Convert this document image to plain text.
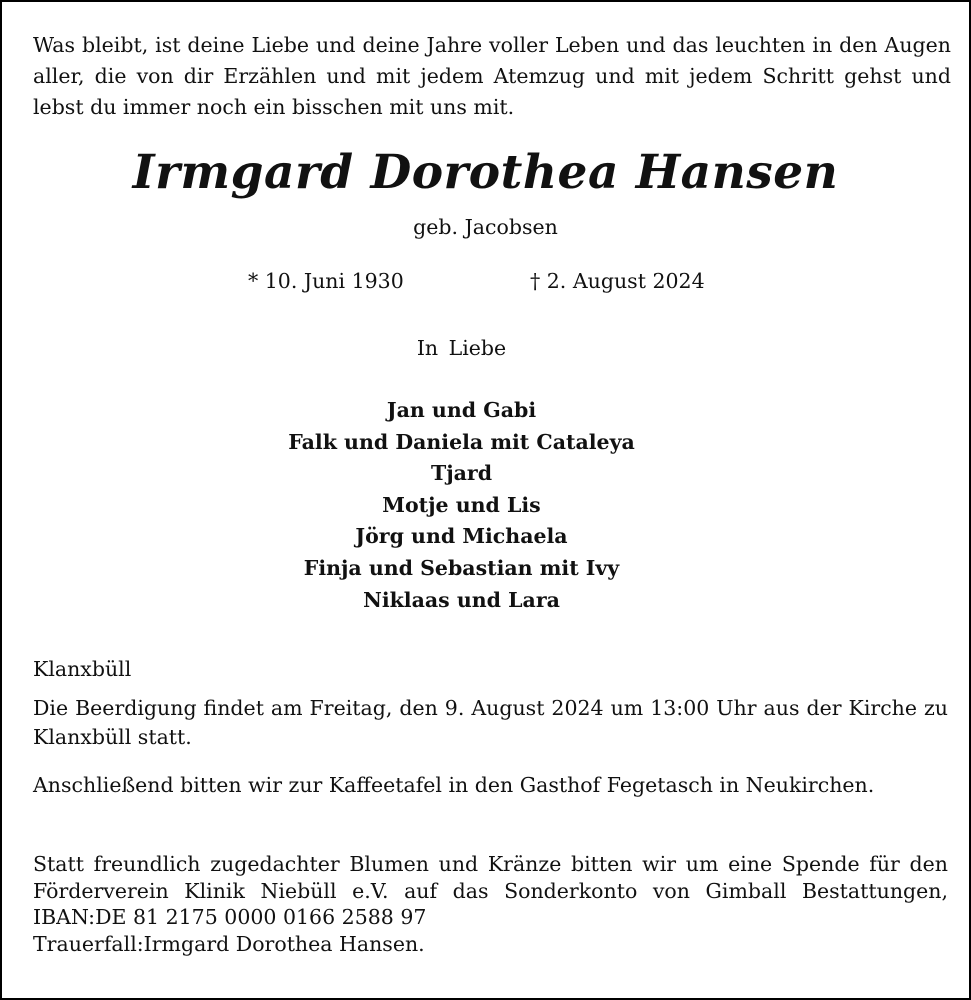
Was bleibt, ist deine Liebe und deine Jahre voller Leben und das leuchten in den Augen aller, die von dir Erzählen und mit jedem Atemzug und mit jedem Schritt gehst und lebst du immer noch ein bisschen mit uns mit.

Irmgard Dorothea Hansen
geb. Jacobsen
* 10. Juni 1930	† 2. August 2024
In Liebe
Jan und Gabi
Falk und Daniela mit Cataleya
Tjard
Motje und Lis
Jörg und Michaela
Finja und Sebastian mit Ivy
Niklaas und Lara
Klanxbüll

Die Beerdigung findet am Freitag, den 9. August 2024 um 13:00 Uhr aus der Kirche zu Klanxbüll statt.

Anschließend bitten wir zur Kaffeetafel in den Gasthof Fegetasch in Neukirchen.

Statt freundlich zugedachter Blumen und Kränze bitten wir um eine Spende für den Förderverein Klinik Niebüll e.V. auf das Sonderkonto von Gimball Bestattungen, IBAN:DE 81 2175 0000 0166 2588 97
Trauerfall:Irmgard Dorothea Hansen.
